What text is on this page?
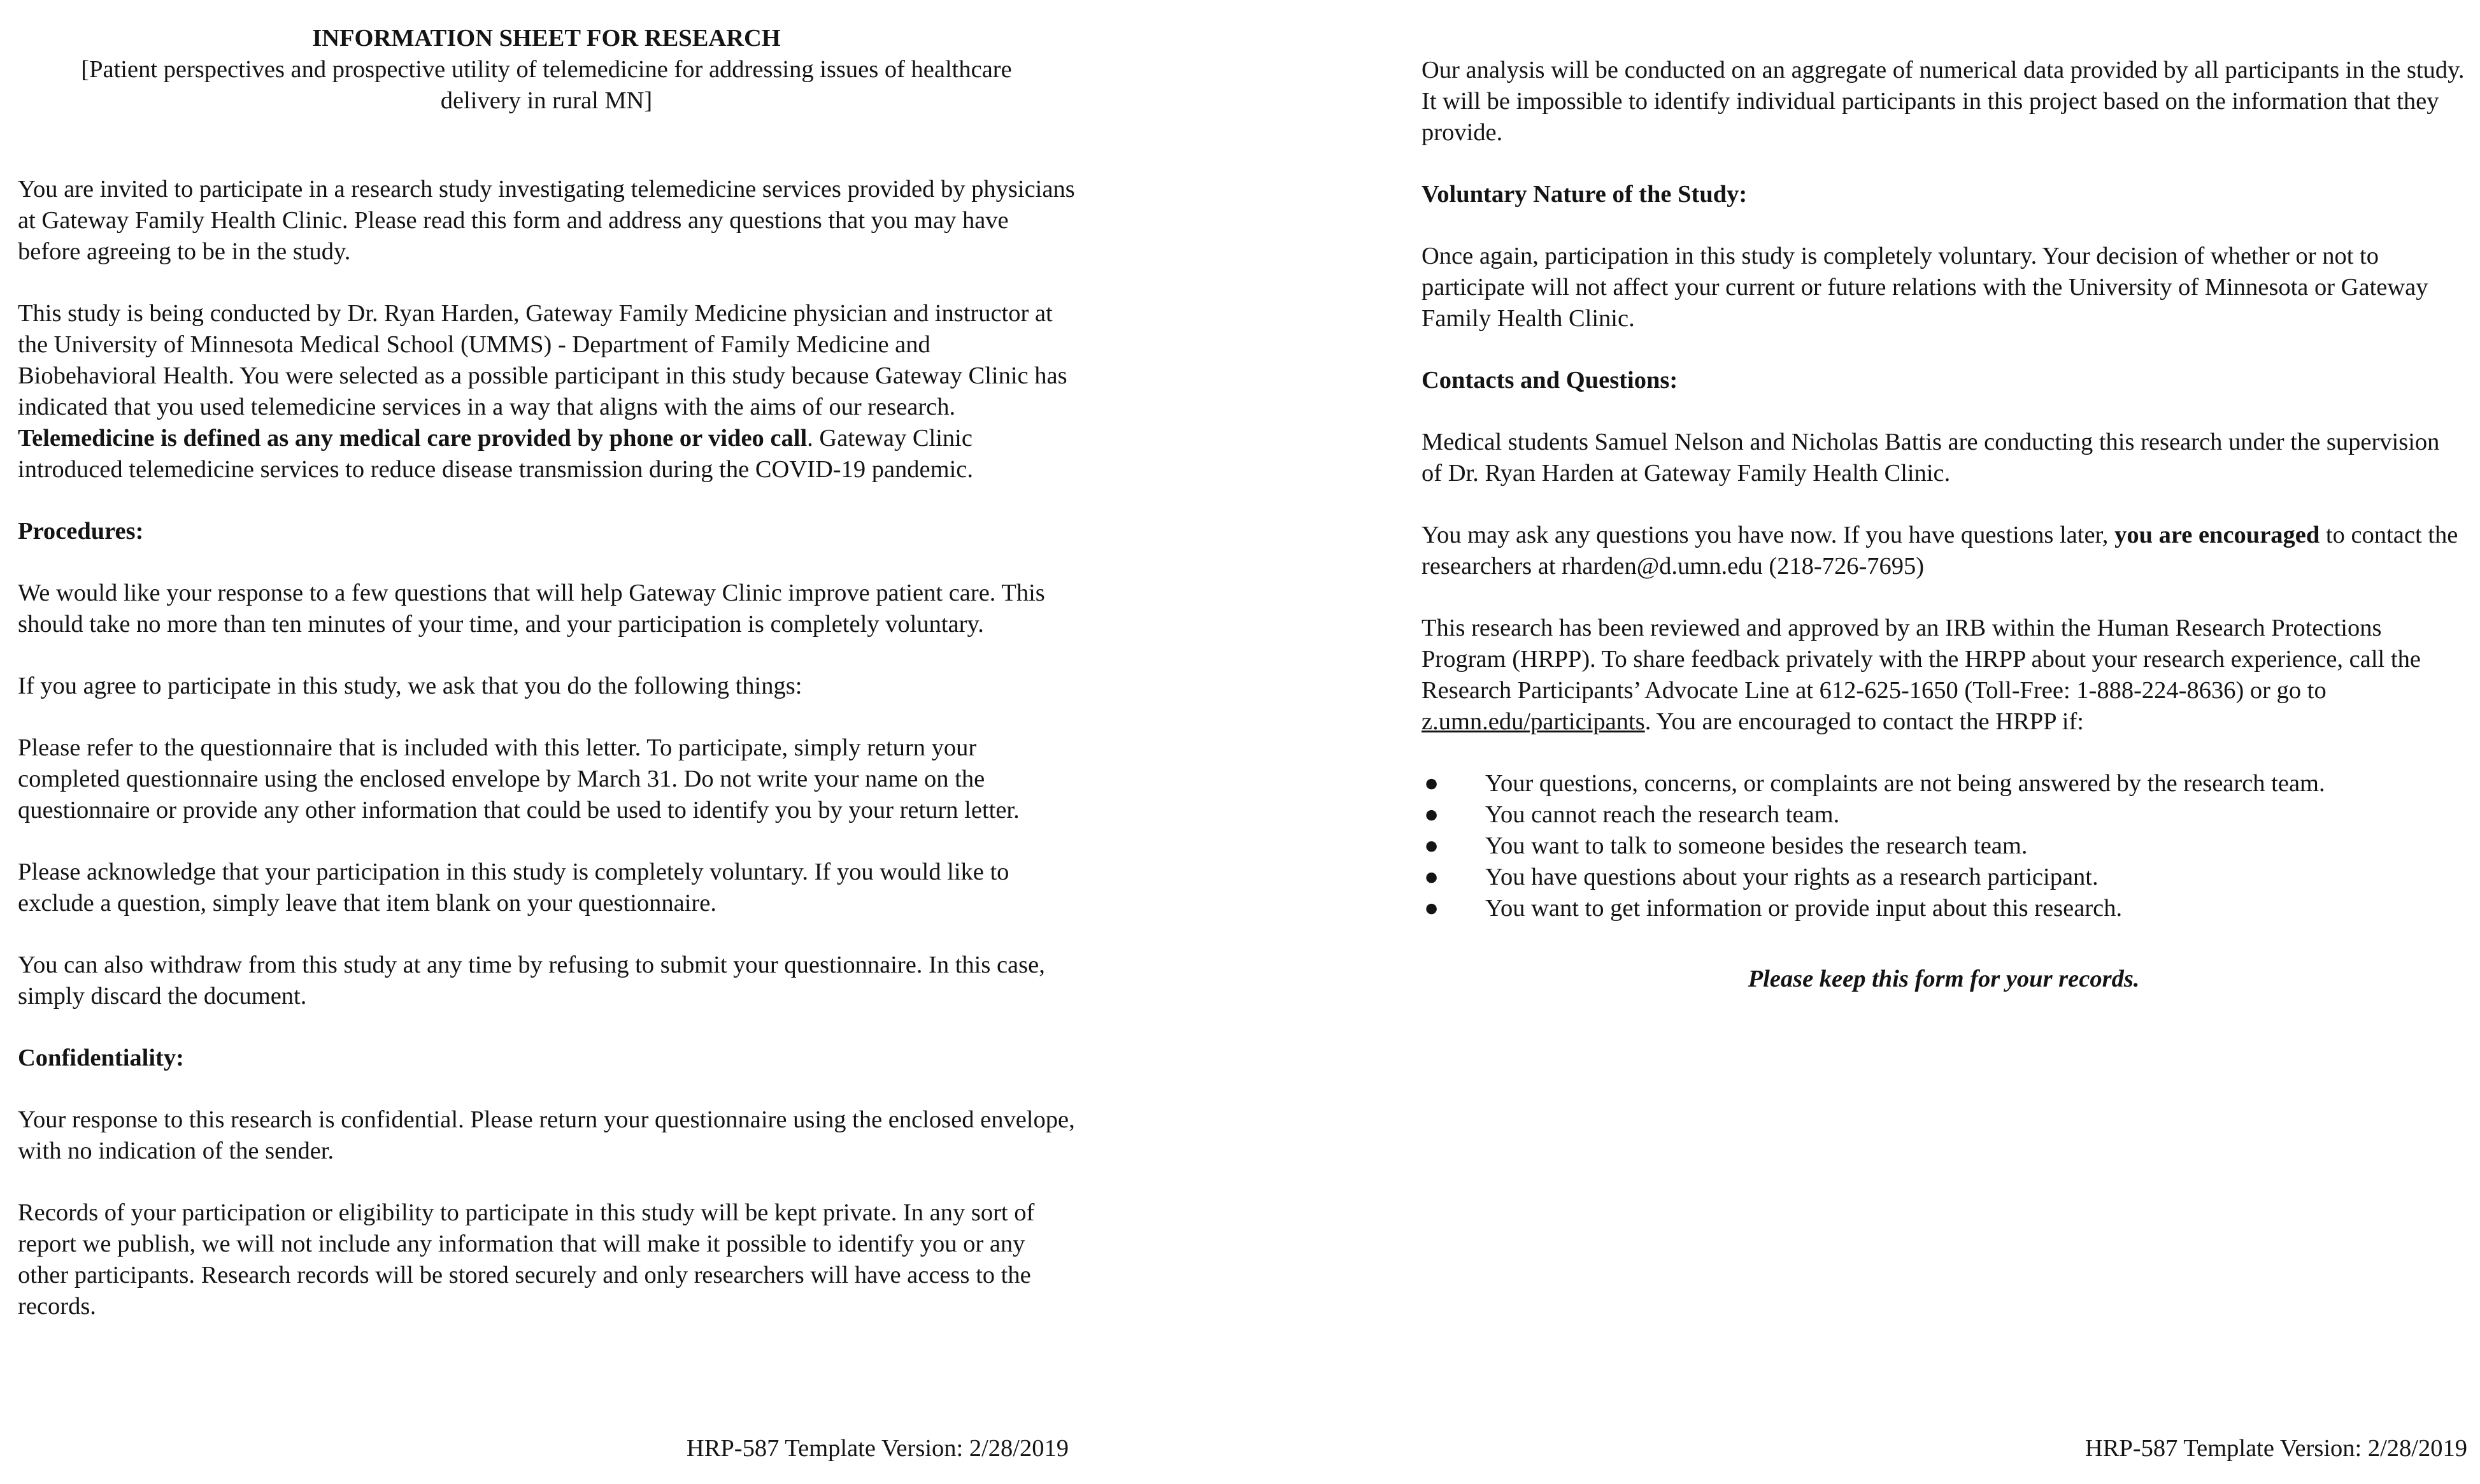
INFORMATION SHEET FOR RESEARCH

[Patient perspectives and prospective utility of telemedicine for addressing issues of healthcare
delivery in rural MN]

You are invited to participate in a research study investigating telemedicine services provided by physicians at Gateway Family Health Clinic. Please read this form and address any questions that you may have before agreeing to be in the study.

This study is being conducted by Dr. Ryan Harden, Gateway Family Medicine physician and instructor at the University of Minnesota Medical School (UMMS) - Department of Family Medicine and Biobehavioral Health. You were selected as a possible participant in this study because Gateway Clinic has indicated that you used telemedicine services in a way that aligns with the aims of our research. Telemedicine is defined as any medical care provided by phone or video call. Gateway Clinic introduced telemedicine services to reduce disease transmission during the COVID-19 pandemic.

Procedures:

We would like your response to a few questions that will help Gateway Clinic improve patient care. This should take no more than ten minutes of your time, and your participation is completely voluntary.

If you agree to participate in this study, we ask that you do the following things:

Please refer to the questionnaire that is included with this letter. To participate, simply return your completed questionnaire using the enclosed envelope by March 31. Do not write your name on the questionnaire or provide any other information that could be used to identify you by your return letter.

Please acknowledge that your participation in this study is completely voluntary. If you would like to exclude a question, simply leave that item blank on your questionnaire.

You can also withdraw from this study at any time by refusing to submit your questionnaire. In this case, simply discard the document.

Confidentiality:

Your response to this research is confidential. Please return your questionnaire using the enclosed envelope, with no indication of the sender.

Records of your participation or eligibility to participate in this study will be kept private. In any sort of report we publish, we will not include any information that will make it possible to identify you or any other participants. Research records will be stored securely and only researchers will have access to the records.

HRP-587 Template Version: 2/28/2019

Our analysis will be conducted on an aggregate of numerical data provided by all participants in the study. It will be impossible to identify individual participants in this project based on the information that they provide.

Voluntary Nature of the Study:

Once again, participation in this study is completely voluntary. Your decision of whether or not to participate will not affect your current or future relations with the University of Minnesota or Gateway Family Health Clinic.

Contacts and Questions:

Medical students Samuel Nelson and Nicholas Battis are conducting this research under the supervision of Dr. Ryan Harden at Gateway Family Health Clinic.

You may ask any questions you have now. If you have questions later, you are encouraged to contact the researchers at rharden@d.umn.edu (218-726-7695)

This research has been reviewed and approved by an IRB within the Human Research Protections Program (HRPP). To share feedback privately with the HRPP about your research experience, call the Research Participants’ Advocate Line at 612-625-1650 (Toll-Free: 1-888-224-8636) or go to z.umn.edu/participants. You are encouraged to contact the HRPP if:

● Your questions, concerns, or complaints are not being answered by the research team.
● You cannot reach the research team.
● You want to talk to someone besides the research team.
● You have questions about your rights as a research participant.
● You want to get information or provide input about this research.

Please keep this form for your records.

HRP-587 Template Version: 2/28/2019
